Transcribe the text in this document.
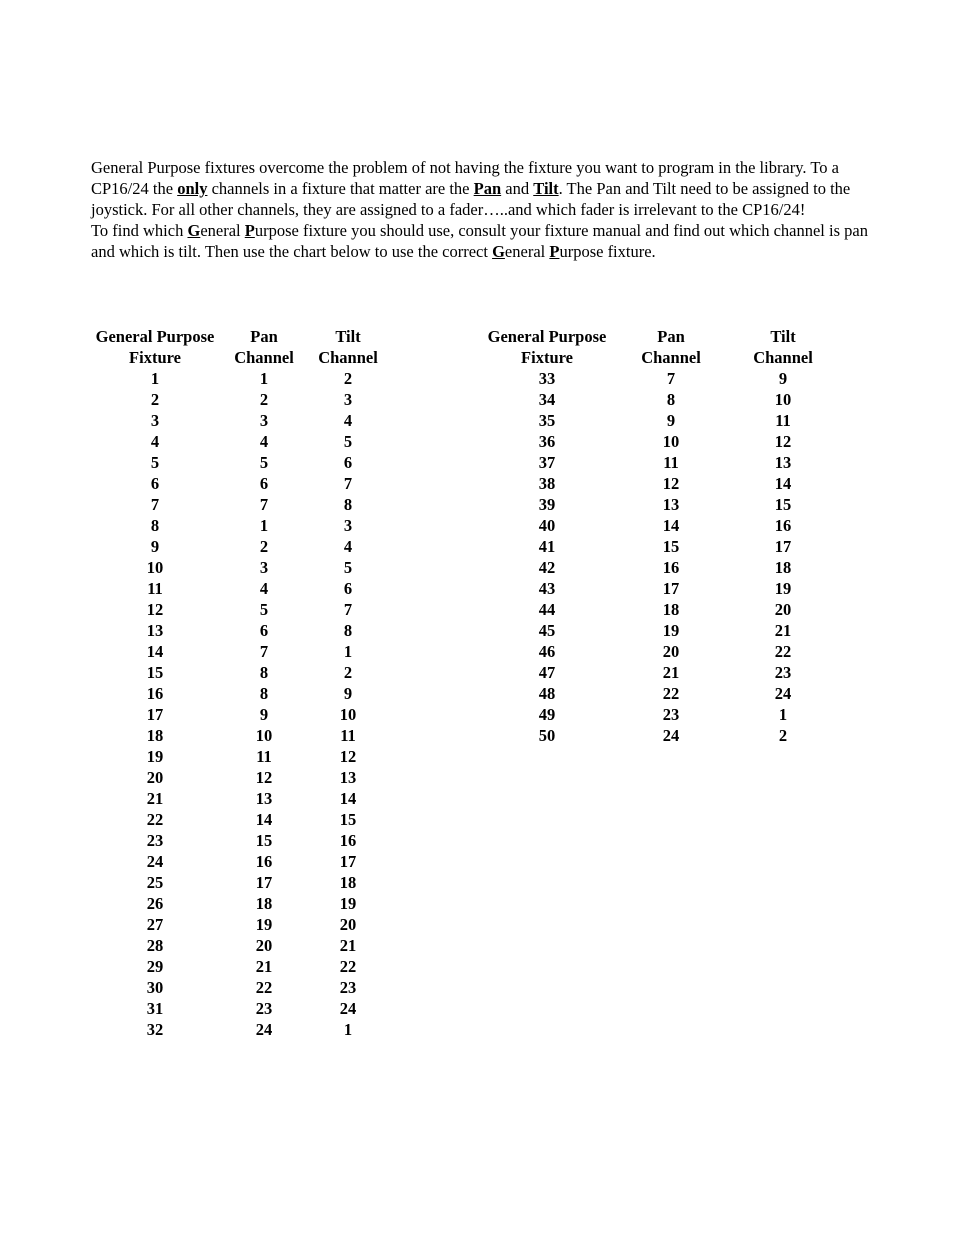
General Purpose fixtures overcome the problem of not having the fixture you want to program in the library. To a CP16/24 the only channels in a fixture that matter are the Pan and Tilt. The Pan and Tilt need to be assigned to the joystick. For all other channels, they are assigned to a fader…..and which fader is irrelevant to the CP16/24!

To find which General Purpose fixture you should use, consult your fixture manual and find out which channel is pan and which is tilt. Then use the chart below to use the correct General Purpose fixture.

General Purpose	Pan	Tilt
Fixture	Channel	Channel
1	1	2
2	2	3
3	3	4
4	4	5
5	5	6
6	6	7
7	7	8
8	1	3
9	2	4
10	3	5
11	4	6
12	5	7
13	6	8
14	7	1
15	8	2
16	8	9
17	9	10
18	10	11
19	11	12
20	12	13
21	13	14
22	14	15
23	15	16
24	16	17
25	17	18
26	18	19
27	19	20
28	20	21
29	21	22
30	22	23
31	23	24
32	24	1
General Purpose	Pan	Tilt
Fixture	Channel	Channel
33	7	9
34	8	10
35	9	11
36	10	12
37	11	13
38	12	14
39	13	15
40	14	16
41	15	17
42	16	18
43	17	19
44	18	20
45	19	21
46	20	22
47	21	23
48	22	24
49	23	1
50	24	2
